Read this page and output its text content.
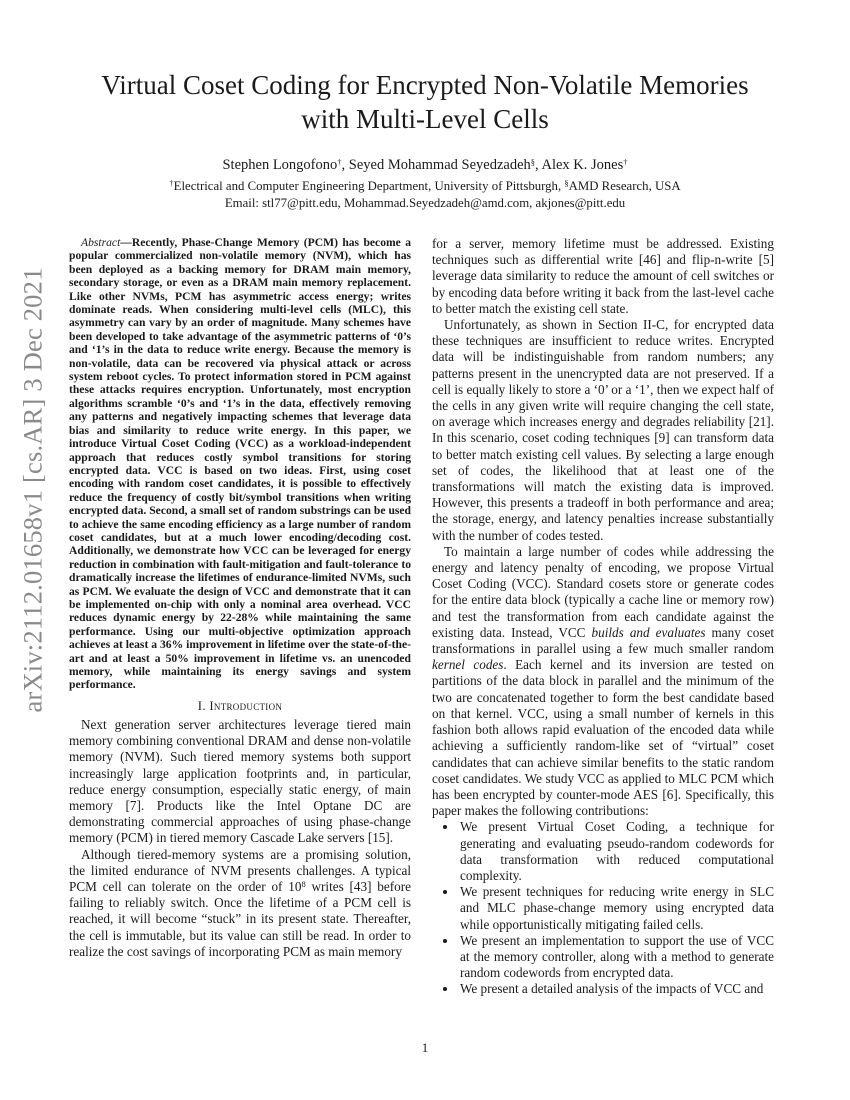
arXiv:2112.01658v1 [cs.AR] 3 Dec 2021
Virtual Coset Coding for Encrypted Non-Volatile Memories
with Multi-Level Cells
Stephen Longofono†, Seyed Mohammad Seyedzadeh§, Alex K. Jones†
†Electrical and Computer Engineering Department, University of Pittsburgh, §AMD Research, USA
Email: stl77@pitt.edu, Mohammad.Seyedzadeh@amd.com, akjones@pitt.edu

Abstract—Recently, Phase-Change Memory (PCM) has become a popular commercialized non-volatile memory (NVM), which has been deployed as a backing memory for DRAM main memory, secondary storage, or even as a DRAM main memory replacement. Like other NVMs, PCM has asymmetric access energy; writes dominate reads. When considering multi-level cells (MLC), this asymmetry can vary by an order of magnitude. Many schemes have been developed to take advantage of the asymmetric patterns of ‘0’s and ‘1’s in the data to reduce write energy. Because the memory is non-volatile, data can be recovered via physical attack or across system reboot cycles. To protect information stored in PCM against these attacks requires encryption. Unfortunately, most encryption algorithms scramble ‘0’s and ‘1’s in the data, effectively removing any patterns and negatively impacting schemes that leverage data bias and similarity to reduce write energy. In this paper, we introduce Virtual Coset Coding (VCC) as a workload-independent approach that reduces costly symbol transitions for storing encrypted data. VCC is based on two ideas. First, using coset encoding with random coset candidates, it is possible to effectively reduce the frequency of costly bit/symbol transitions when writing encrypted data. Second, a small set of random substrings can be used to achieve the same encoding efficiency as a large number of random coset candidates, but at a much lower encoding/decoding cost. Additionally, we demonstrate how VCC can be leveraged for energy reduction in combination with fault-mitigation and fault-tolerance to dramatically increase the lifetimes of endurance-limited NVMs, such as PCM. We evaluate the design of VCC and demonstrate that it can be implemented on-chip with only a nominal area overhead. VCC reduces dynamic energy by 22-28% while maintaining the same performance. Using our multi-objective optimization approach achieves at least a 36% improvement in lifetime over the state-of-the-art and at least a 50% improvement in lifetime vs. an unencoded memory, while maintaining its energy savings and system performance.

I. Introduction

Next generation server architectures leverage tiered main memory combining conventional DRAM and dense non-volatile memory (NVM). Such tiered memory systems both support increasingly large application footprints and, in particular, reduce energy consumption, especially static energy, of main memory [7]. Products like the Intel Optane DC are demonstrating commercial approaches of using phase-change memory (PCM) in tiered memory Cascade Lake servers [15].

Although tiered-memory systems are a promising solution, the limited endurance of NVM presents challenges. A typical PCM cell can tolerate on the order of $10^8$ writes [43] before failing to reliably switch. Once the lifetime of a PCM cell is reached, it will become “stuck” in its present state. Thereafter, the cell is immutable, but its value can still be read. In order to realize the cost savings of incorporating PCM as main memory

for a server, memory lifetime must be addressed. Existing techniques such as differential write [46] and flip-n-write [5] leverage data similarity to reduce the amount of cell switches or by encoding data before writing it back from the last-level cache to better match the existing cell state.

Unfortunately, as shown in Section II-C, for encrypted data these techniques are insufficient to reduce writes. Encrypted data will be indistinguishable from random numbers; any patterns present in the unencrypted data are not preserved. If a cell is equally likely to store a ‘0’ or a ‘1’, then we expect half of the cells in any given write will require changing the cell state, on average which increases energy and degrades reliability [21]. In this scenario, coset coding techniques [9] can transform data to better match existing cell values. By selecting a large enough set of codes, the likelihood that at least one of the transformations will match the existing data is improved. However, this presents a tradeoff in both performance and area; the storage, energy, and latency penalties increase substantially with the number of codes tested.

To maintain a large number of codes while addressing the energy and latency penalty of encoding, we propose Virtual Coset Coding (VCC). Standard cosets store or generate codes for the entire data block (typically a cache line or memory row) and test the transformation from each candidate against the existing data. Instead, VCC builds and evaluates many coset transformations in parallel using a few much smaller random kernel codes. Each kernel and its inversion are tested on partitions of the data block in parallel and the minimum of the two are concatenated together to form the best candidate based on that kernel. VCC, using a small number of kernels in this fashion both allows rapid evaluation of the encoded data while achieving a sufficiently random-like set of “virtual” coset candidates that can achieve similar benefits to the static random coset candidates. We study VCC as applied to MLC PCM which has been encrypted by counter-mode AES [6]. Specifically, this paper makes the following contributions:

• We present Virtual Coset Coding, a technique for generating and evaluating pseudo-random codewords for data transformation with reduced computational complexity.
• We present techniques for reducing write energy in SLC and MLC phase-change memory using encrypted data while opportunistically mitigating failed cells.
• We present an implementation to support the use of VCC at the memory controller, along with a method to generate random codewords from encrypted data.
• We present a detailed analysis of the impacts of VCC and
1
